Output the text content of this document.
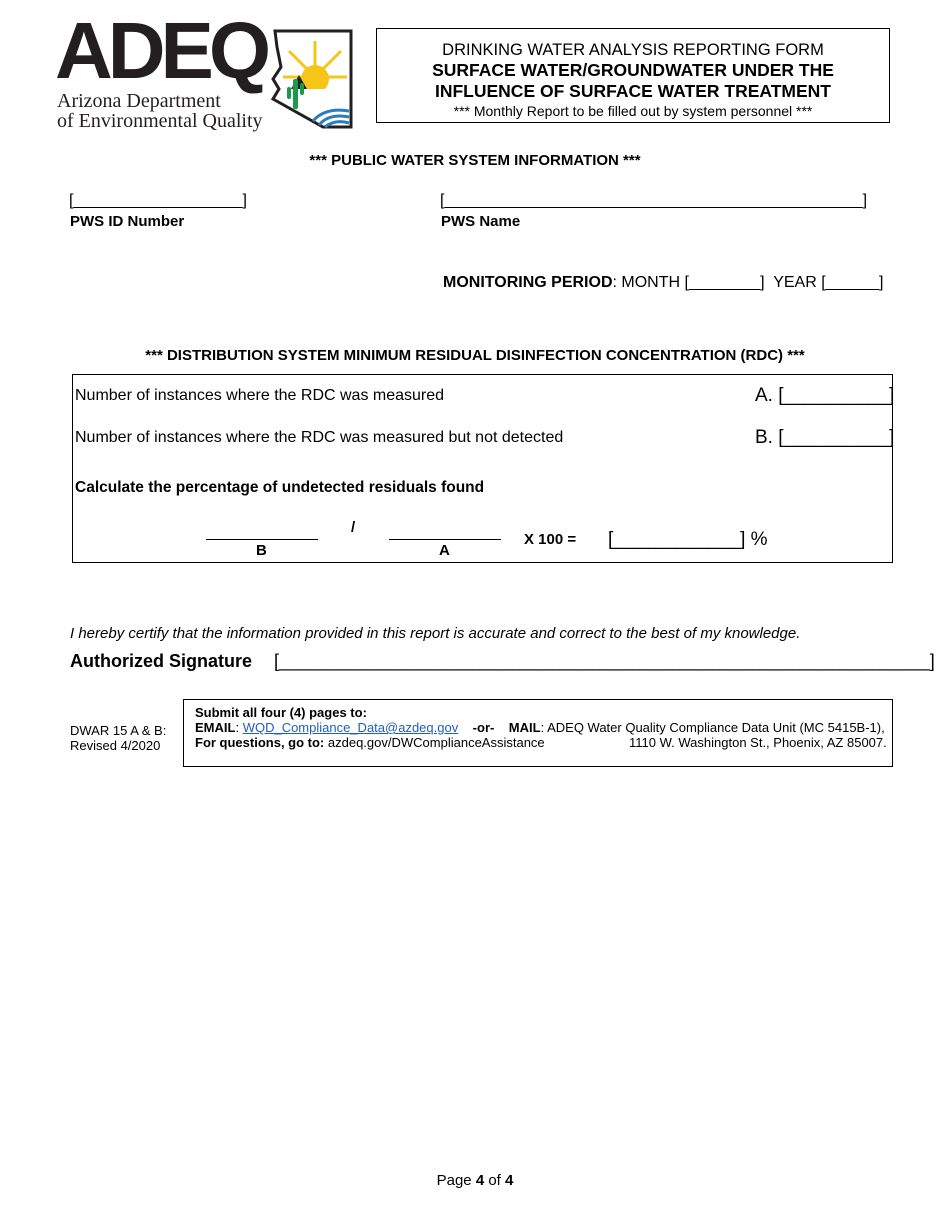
ADEQ
Arizona Department
of Environmental Quality
DRINKING WATER ANALYSIS REPORTING FORM
SURFACE WATER/GROUNDWATER UNDER THE
INFLUENCE OF SURFACE WATER TREATMENT
*** Monthly Report to be filled out by system personnel ***
*** PUBLIC WATER SYSTEM INFORMATION ***
[___________________]
PWS ID Number
[_______________________________________________]
PWS Name
MONITORING PERIOD: MONTH [________] YEAR [______]
*** DISTRIBUTION SYSTEM MINIMUM RESIDUAL DISINFECTION CONCENTRATION (RDC) ***
Number of instances where the RDC was measured	A. [__________]
Number of instances where the RDC was measured but not detected	B. [__________]
Calculate the percentage of undetected residuals found
B
/
A
X 100 = [____________] %
I hereby certify that the information provided in this report is accurate and correct to the best of my knowledge.
Authorized Signature [_________________________________________________________________]
DWAR 15 A & B:
Revised 4/2020
Submit all four (4) pages to:
EMAIL: WQD_Compliance_Data@azdeq.gov -or- MAIL: ADEQ Water Quality Compliance Data Unit (MC 5415B-1),
For questions, go to: azdeq.gov/DWComplianceAssistance	1110 W. Washington St., Phoenix, AZ 85007.
Page 4 of 4
